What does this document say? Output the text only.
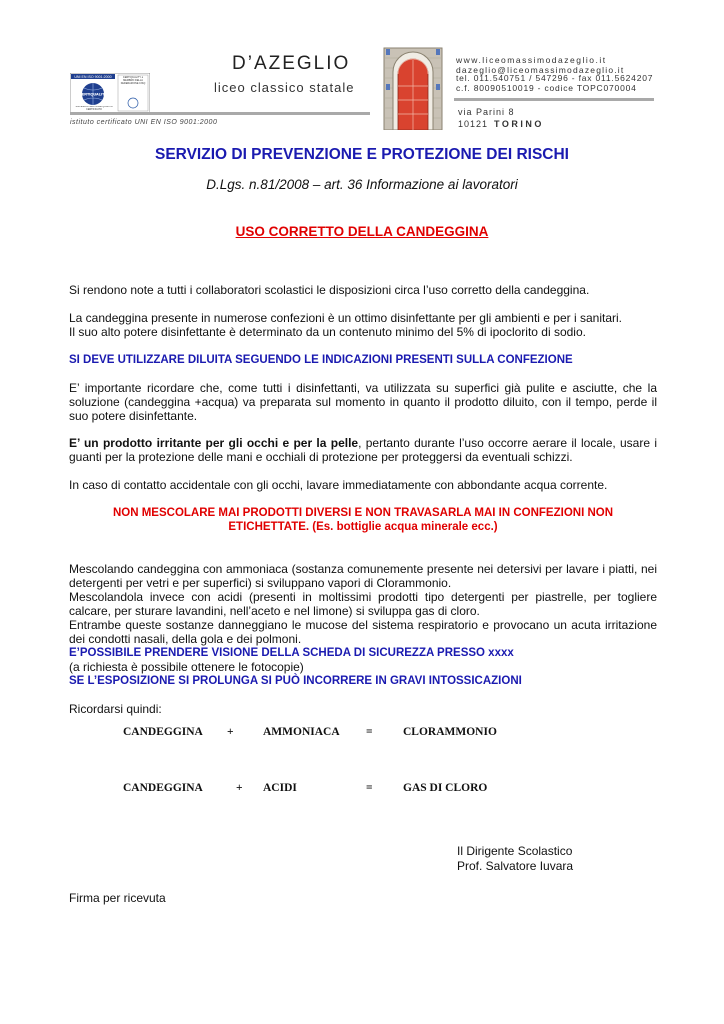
UNI EN ISO 9001:2000
CERTIQUALITY
CERTIQUALITY è MEMBRO DELLA FEDERAZIONE CISQ
SISTEMA DI GESTIONE QUALITÀ CERTIFICATO
D’AZEGLIO
liceo classico statale
istituto certificato UNI EN ISO 9001:2000
www.liceomassimodazeglio.it
dazeglio@liceomassimodazeglio.it
tel. 011.540751 / 547296 - fax 011.5624207
c.f. 80090510019 - codice TOPC070004
via Parini 8
10121 TORINO
SERVIZIO DI PREVENZIONE E PROTEZIONE DEI RISCHI
D.Lgs. n.81/2008 – art. 36 Informazione ai lavoratori
USO CORRETTO DELLA CANDEGGINA
Si rendono note a tutti i collaboratori scolastici le disposizioni circa l’uso corretto della candeggina.
La candeggina presente in numerose confezioni è un ottimo disinfettante per gli ambienti e per i sanitari.
Il suo alto potere disinfettante è determinato da un contenuto minimo del 5% di ipoclorito di sodio.
SI DEVE UTILIZZARE DILUITA SEGUENDO LE INDICAZIONI PRESENTI SULLA CONFEZIONE
E’ importante ricordare che, come tutti i disinfettanti, va utilizzata su superfici già pulite e asciutte, che la soluzione (candeggina +acqua) va preparata sul momento in quanto il prodotto diluito, con il tempo, perde il suo potere disinfettante.
E’ un prodotto irritante per gli occhi e per la pelle, pertanto durante l’uso occorre aerare il locale, usare i guanti per la protezione delle mani e occhiali di protezione per proteggersi da eventuali schizzi.
In caso di contatto accidentale con gli occhi, lavare immediatamente con abbondante acqua corrente.
NON MESCOLARE MAI PRODOTTI DIVERSI E NON TRAVASARLA MAI IN CONFEZIONI NON
ETICHETTATE. (Es. bottiglie acqua minerale ecc.)
Mescolando candeggina con ammoniaca (sostanza comunemente presente nei detersivi per lavare i piatti, nei detergenti per vetri e per superfici) si sviluppano vapori di Clorammonio.
Mescolandola invece con acidi (presenti in moltissimi prodotti tipo detergenti per piastrelle, per togliere calcare, per sturare lavandini, nell’aceto e nel limone) si sviluppa gas di cloro.
Entrambe queste sostanze danneggiano le mucose del sistema respiratorio e provocano un acuta irritazione dei condotti nasali, della gola e dei polmoni.
E’POSSIBILE PRENDERE VISIONE DELLA SCHEDA DI SICUREZZA PRESSO xxxx
(a richiesta è possibile ottenere le fotocopie)
SE L’ESPOSIZIONE SI PROLUNGA SI PUÒ INCORRERE IN GRAVI INTOSSICAZIONI
Ricordarsi quindi:
CANDEGGINA +	AMMONIACA =	CLORAMMONIO
CANDEGGINA	+ ACIDI	=	GAS DI CLORO
Il Dirigente Scolastico
Prof. Salvatore Iuvara
Firma per ricevuta
